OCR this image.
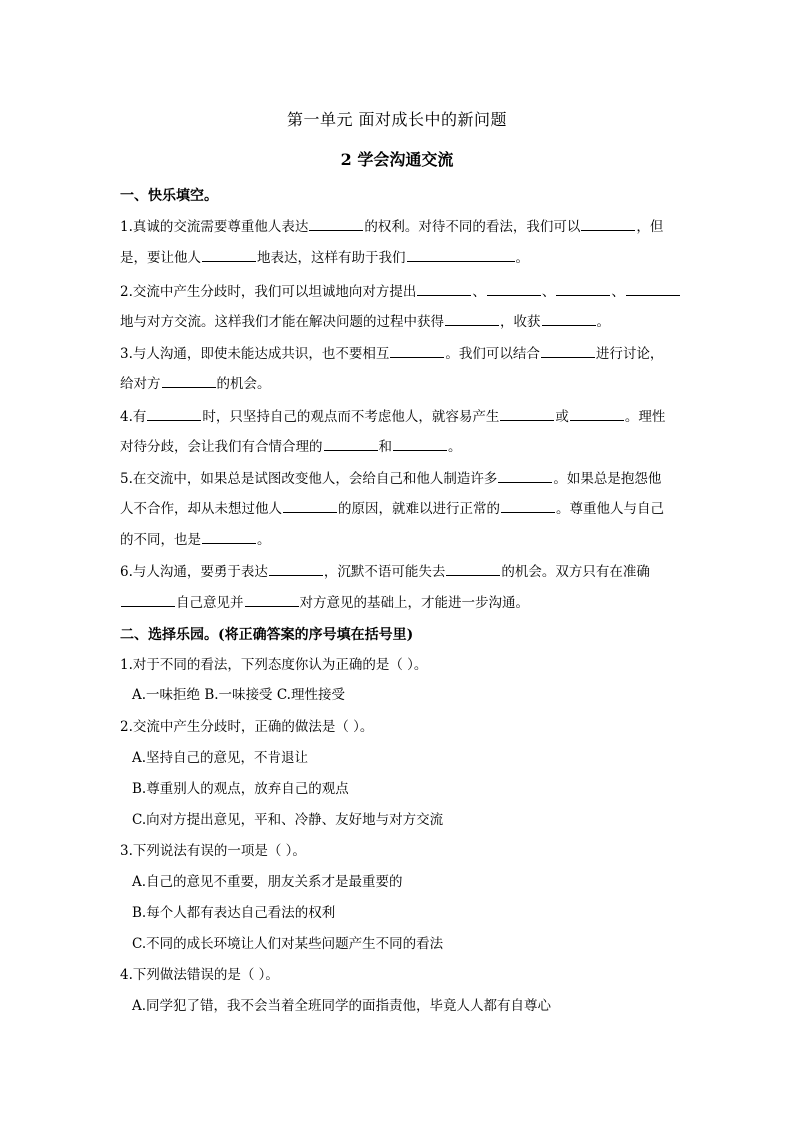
第一单元 面对成长中的新问题
2 学会沟通交流
一、快乐填空。
1.真诚的交流需要尊重他人表达	的权利。对待不同的看法，我们可以	，但
是，要让他人	地表达，这样有助于我们	。
2.交流中产生分歧时，我们可以坦诚地向对方提出	、	、	、
地与对方交流。这样我们才能在解决问题的过程中获得	，收获	。
3.与人沟通，即使未能达成共识，也不要相互	。我们可以结合	进行讨论，
给对方	的机会。
4.有	时，只坚持自己的观点而不考虑他人，就容易产生	或	。理性
对待分歧，会让我们有合情合理的	和	。
5.在交流中，如果总是试图改变他人，会给自己和他人制造许多	。如果总是抱怨他
人不合作，却从未想过他人	的原因，就难以进行正常的	。尊重他人与自己
的不同，也是	。
6.与人沟通，要勇于表达	，沉默不语可能失去	的机会。双方只有在准确
自己意见并	对方意见的基础上，才能进一步沟通。
二、选择乐园。(将正确答案的序号填在括号里)
1.对于不同的看法，下列态度你认为正确的是（ ）。
A.一味拒绝 B.一味接受 C.理性接受
2.交流中产生分歧时，正确的做法是（ ）。
A.坚持自己的意见，不肯退让
B.尊重别人的观点，放弃自己的观点
C.向对方提出意见，平和、冷静、友好地与对方交流
3.下列说法有误的一项是（ ）。
A.自己的意见不重要，朋友关系才是最重要的
B.每个人都有表达自己看法的权利
C.不同的成长环境让人们对某些问题产生不同的看法
4.下列做法错误的是（ ）。
A.同学犯了错，我不会当着全班同学的面指责他，毕竟人人都有自尊心
